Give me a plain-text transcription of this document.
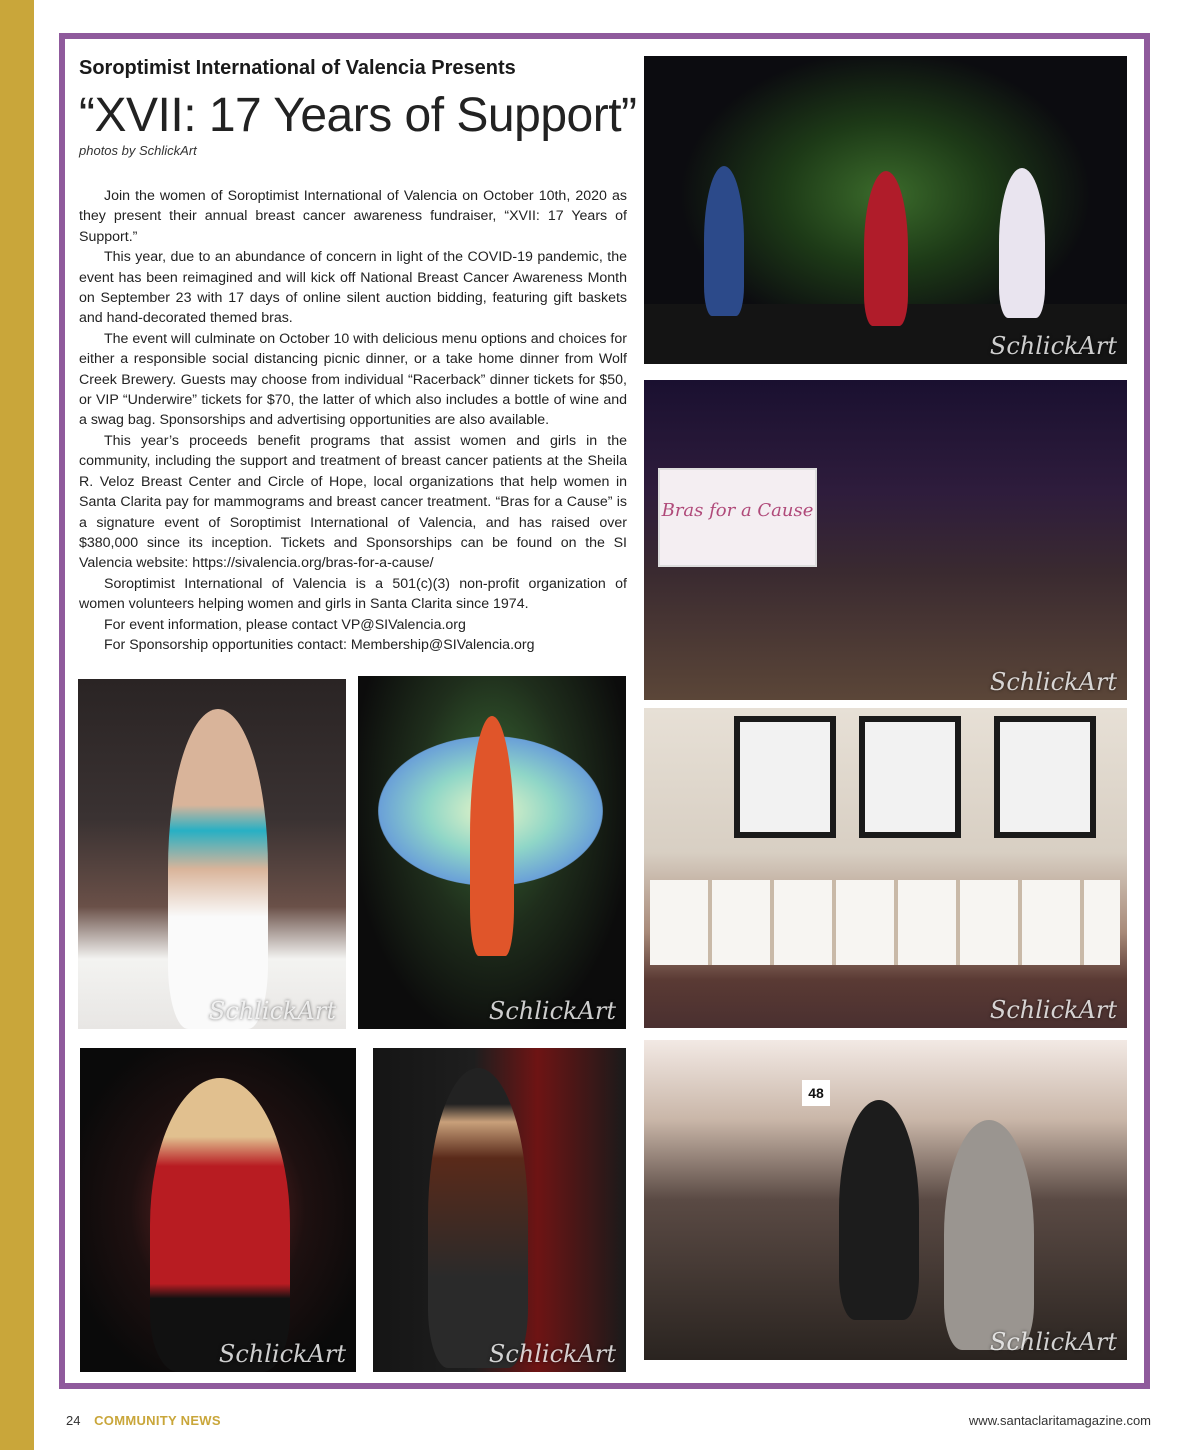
Soroptimist International of Valencia Presents
“XVII: 17 Years of Support”

photos by SchlickArt

Join the women of Soroptimist International of Valencia on October 10th, 2020 as they present their annual breast cancer awareness fundraiser, “XVII: 17 Years of Support.”

This year, due to an abundance of concern in light of the COVID-19 pandemic, the event has been reimagined and will kick off National Breast Cancer Awareness Month on September 23 with 17 days of online silent auction bidding, featuring gift baskets and hand-decorated themed bras.

The event will culminate on October 10 with delicious menu options and choices for either a responsible social distancing picnic dinner, or a take home dinner from Wolf Creek Brewery. Guests may choose from individual “Racerback” dinner tickets for $50, or VIP “Underwire” tickets for $70, the latter of which also includes a bottle of wine and a swag bag. Sponsorships and advertising opportunities are also available.

This year’s proceeds benefit programs that assist women and girls in the community, including the support and treatment of breast cancer patients at the Sheila R. Veloz Breast Center and Circle of Hope, local organizations that help women in Santa Clarita pay for mammograms and breast cancer treatment. “Bras for a Cause” is a signature event of Soroptimist International of Valencia, and has raised over $380,000 since its inception. Tickets and Sponsorships can be found on the SI Valencia website: https://sivalencia.org/bras-for-a-cause/

Soroptimist International of Valencia is a 501(c)(3) non-profit organization of women volunteers helping women and girls in Santa Clarita since 1974.

For event information, please contact VP@SIValencia.org

For Sponsorship opportunities contact: Membership@SIValencia.org

SchlickArt
Bras for a Cause
SchlickArt
SchlickArt
48
SchlickArt
SchlickArt	SchlickArt
SchlickArt	SchlickArt
24 COMMUNITY NEWS	www.santaclaritamagazine.com
